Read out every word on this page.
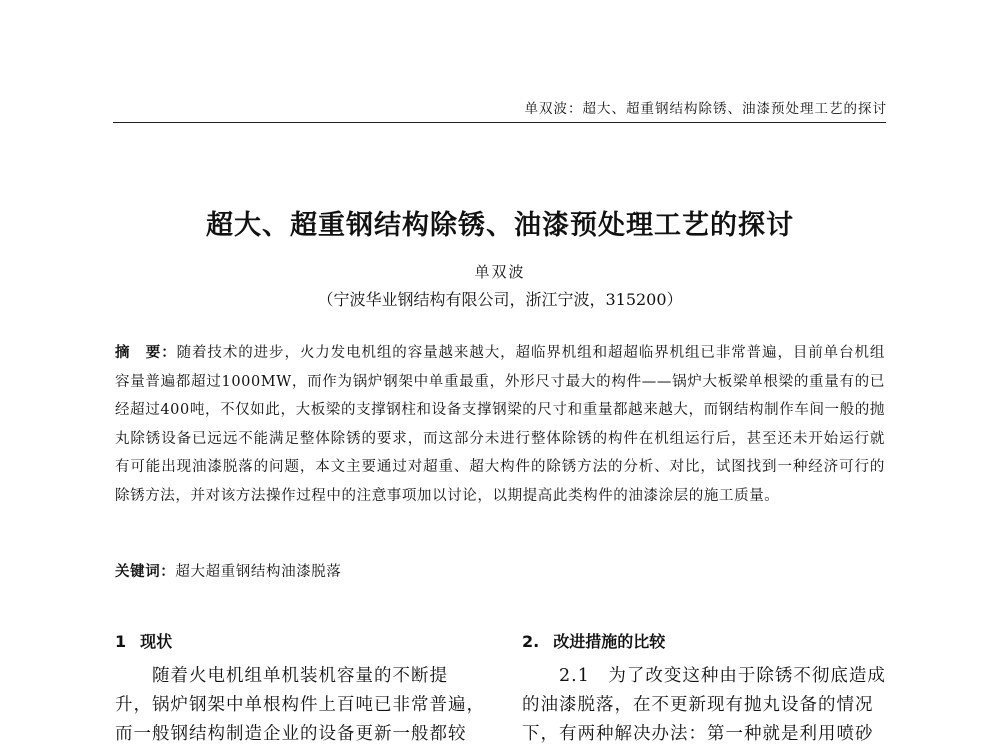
单双波：超大、超重钢结构除锈、油漆预处理工艺的探讨
超大、超重钢结构除锈、油漆预处理工艺的探讨
单双波
（宁波华业钢结构有限公司，浙江宁波，315200）
摘　要：随着技术的进步，火力发电机组的容量越来越大，超临界机组和超超临界机组已非常普遍，目前单台机组容量普遍都超过1000MW，而作为锅炉钢架中单重最重，外形尺寸最大的构件——锅炉大板梁单根梁的重量有的已经超过400吨，不仅如此，大板梁的支撑钢柱和设备支撑钢梁的尺寸和重量都越来越大，而钢结构制作车间一般的抛丸除锈设备已远远不能满足整体除锈的要求，而这部分未进行整体除锈的构件在机组运行后，甚至还未开始运行就有可能出现油漆脱落的问题，本文主要通过对超重、超大构件的除锈方法的分析、对比，试图找到一种经济可行的除锈方法，并对该方法操作过程中的注意事项加以讨论，以期提高此类构件的油漆涂层的施工质量。
关键词：超大超重钢结构油漆脱落
1 现状	2. 改进措施的比较
　　随着火电机组单机装机容量的不断提
升，锅炉钢架中单根构件上百吨已非常普遍，
而一般钢结构制造企业的设备更新一般都较
　　2.1　为了改变这种由于除锈不彻底造成
的油漆脱落，在不更新现有抛丸设备的情况
下，有两种解决办法：第一种就是利用喷砂
